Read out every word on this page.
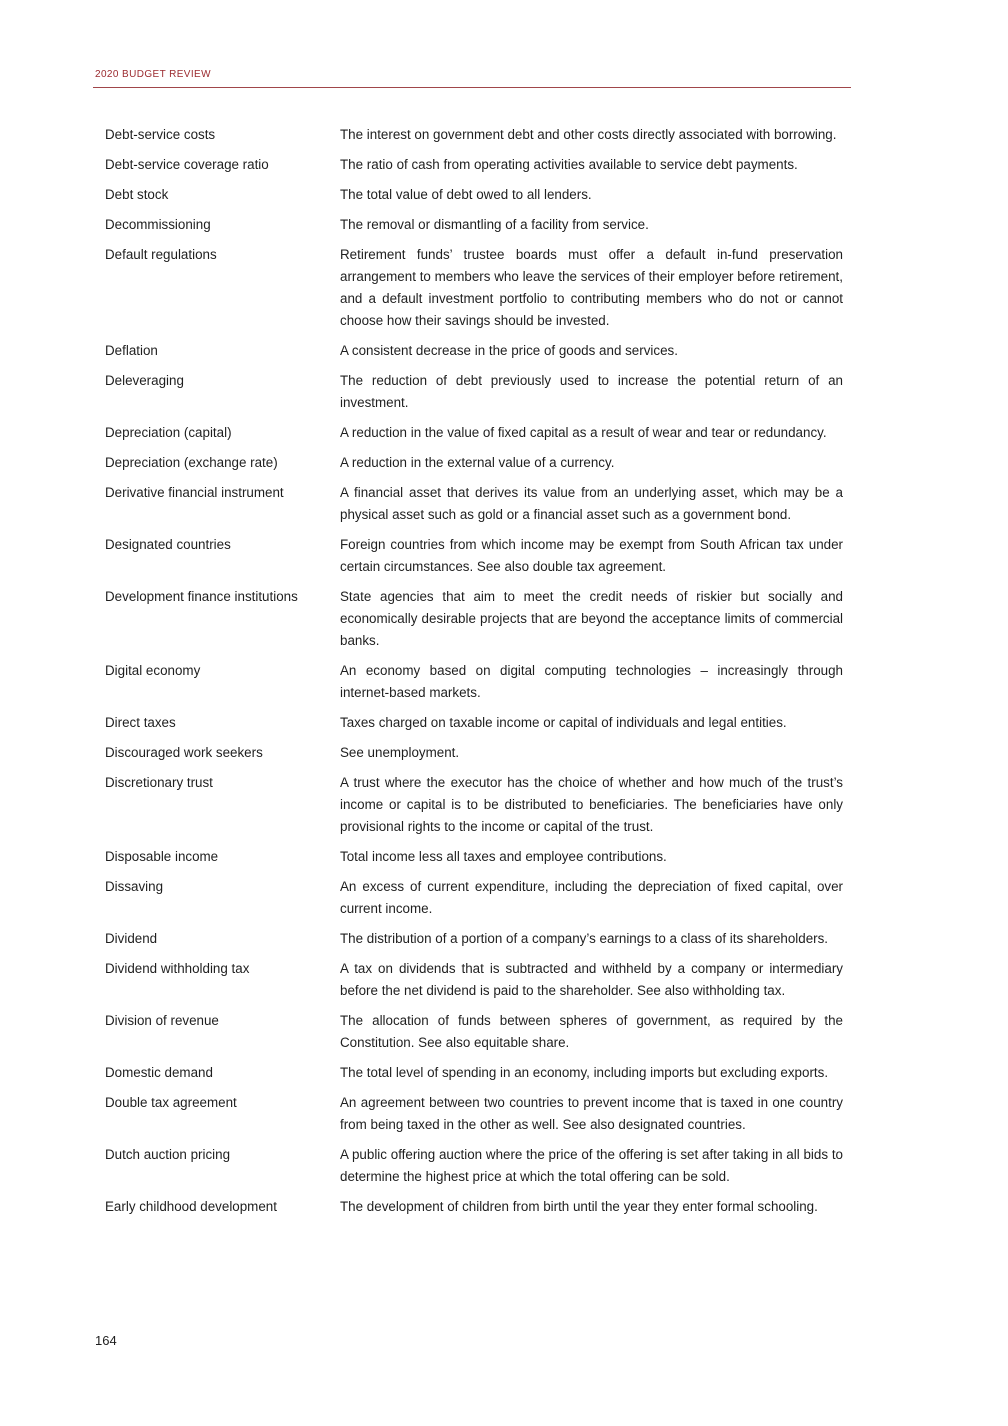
2020 BUDGET REVIEW
Debt-service costs	The interest on government debt and other costs directly associated with borrowing.
Debt-service coverage ratio	The ratio of cash from operating activities available to service debt payments.
Debt stock	The total value of debt owed to all lenders.
Decommissioning	The removal or dismantling of a facility from service.
Default regulations	Retirement funds’ trustee boards must offer a default in-fund preservation arrangement to members who leave the services of their employer before retirement, and a default investment portfolio to contributing members who do not or cannot choose how their savings should be invested.
Deflation	A consistent decrease in the price of goods and services.
Deleveraging	The reduction of debt previously used to increase the potential return of an investment.
Depreciation (capital)	A reduction in the value of fixed capital as a result of wear and tear or redundancy.
Depreciation (exchange rate)	A reduction in the external value of a currency.
Derivative financial instrument	A financial asset that derives its value from an underlying asset, which may be a physical asset such as gold or a financial asset such as a government bond.
Designated countries	Foreign countries from which income may be exempt from South African tax under certain circumstances. See also double tax agreement.
Development finance institutions	State agencies that aim to meet the credit needs of riskier but socially and economically desirable projects that are beyond the acceptance limits of commercial banks.
Digital economy	An economy based on digital computing technologies – increasingly through internet-based markets.
Direct taxes	Taxes charged on taxable income or capital of individuals and legal entities.
Discouraged work seekers	See unemployment.
Discretionary trust	A trust where the executor has the choice of whether and how much of the trust’s income or capital is to be distributed to beneficiaries. The beneficiaries have only provisional rights to the income or capital of the trust.
Disposable income	Total income less all taxes and employee contributions.
Dissaving	An excess of current expenditure, including the depreciation of fixed capital, over current income.
Dividend	The distribution of a portion of a company’s earnings to a class of its shareholders.
Dividend withholding tax	A tax on dividends that is subtracted and withheld by a company or intermediary before the net dividend is paid to the shareholder. See also withholding tax.
Division of revenue	The allocation of funds between spheres of government, as required by the Constitution. See also equitable share.
Domestic demand	The total level of spending in an economy, including imports but excluding exports.
Double tax agreement	An agreement between two countries to prevent income that is taxed in one country from being taxed in the other as well. See also designated countries.
Dutch auction pricing	A public offering auction where the price of the offering is set after taking in all bids to determine the highest price at which the total offering can be sold.
Early childhood development	The development of children from birth until the year they enter formal schooling.
164
